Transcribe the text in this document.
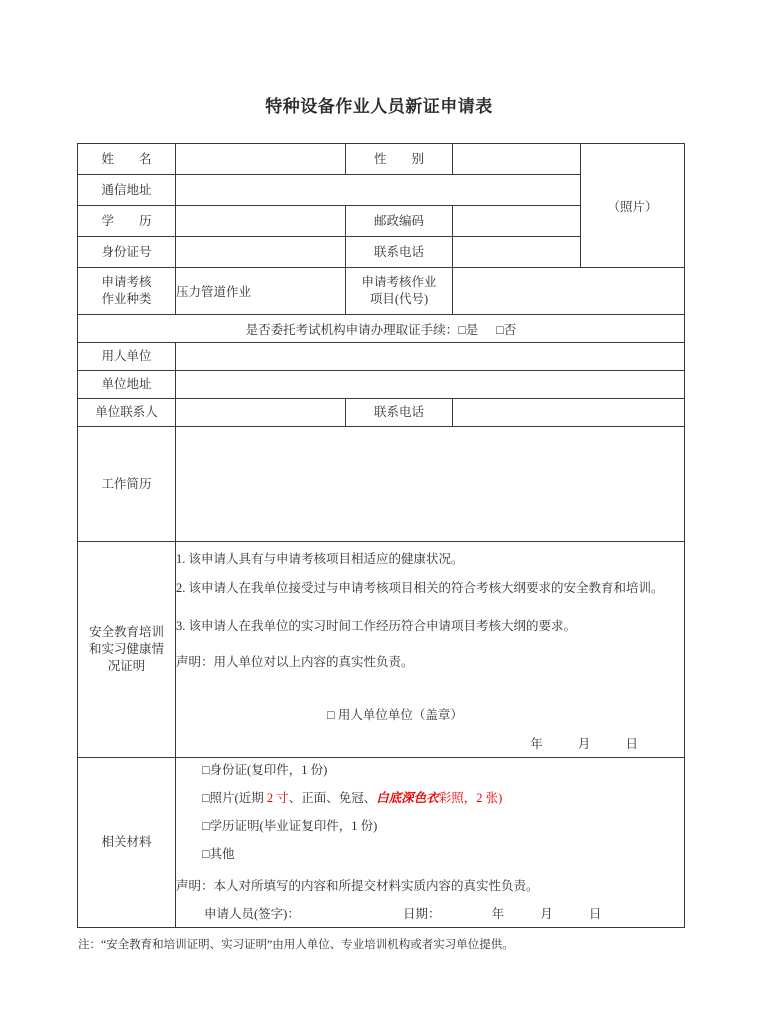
特种设备作业人员新证申请表
姓　　名		性　　别		（照片）
通信地址				
学　　历		邮政编码		
身份证号		联系电话		

申请考核
作业种类	压力管道作业	申请考核作业
项目(代号)		

是否委托考试机构申请办理取证手续：□是 □否				
用人单位				
单位地址				
单位联系人		联系电话		
工作简历				

安全教育培训
和实习健康情
况证明

1. 该申请人具有与申请考核项目相适应的健康状况。
2. 该申请人在我单位接受过与申请考核项目相关的符合考核大纲要求的安全教育和培训。
3. 该申请人在我单位的实习时间工作经历符合申请项目考核大纲的要求。
声明：用人单位对以上内容的真实性负责。
□ 用人单位单位（盖章）
年	月	日

相关材料	
□身份证(复印件，1 份)
□照片(近期 2 寸、正面、免冠、白底深色衣彩照，2 张)
□学历证明(毕业证复印件，1 份)
□其他
声明：本人对所填写的内容和所提交材料实质内容的真实性负责。
申请人员(签字)：	日期：	年	月	日
注：“安全教育和培训证明、实习证明”由用人单位、专业培训机构或者实习单位提供。
